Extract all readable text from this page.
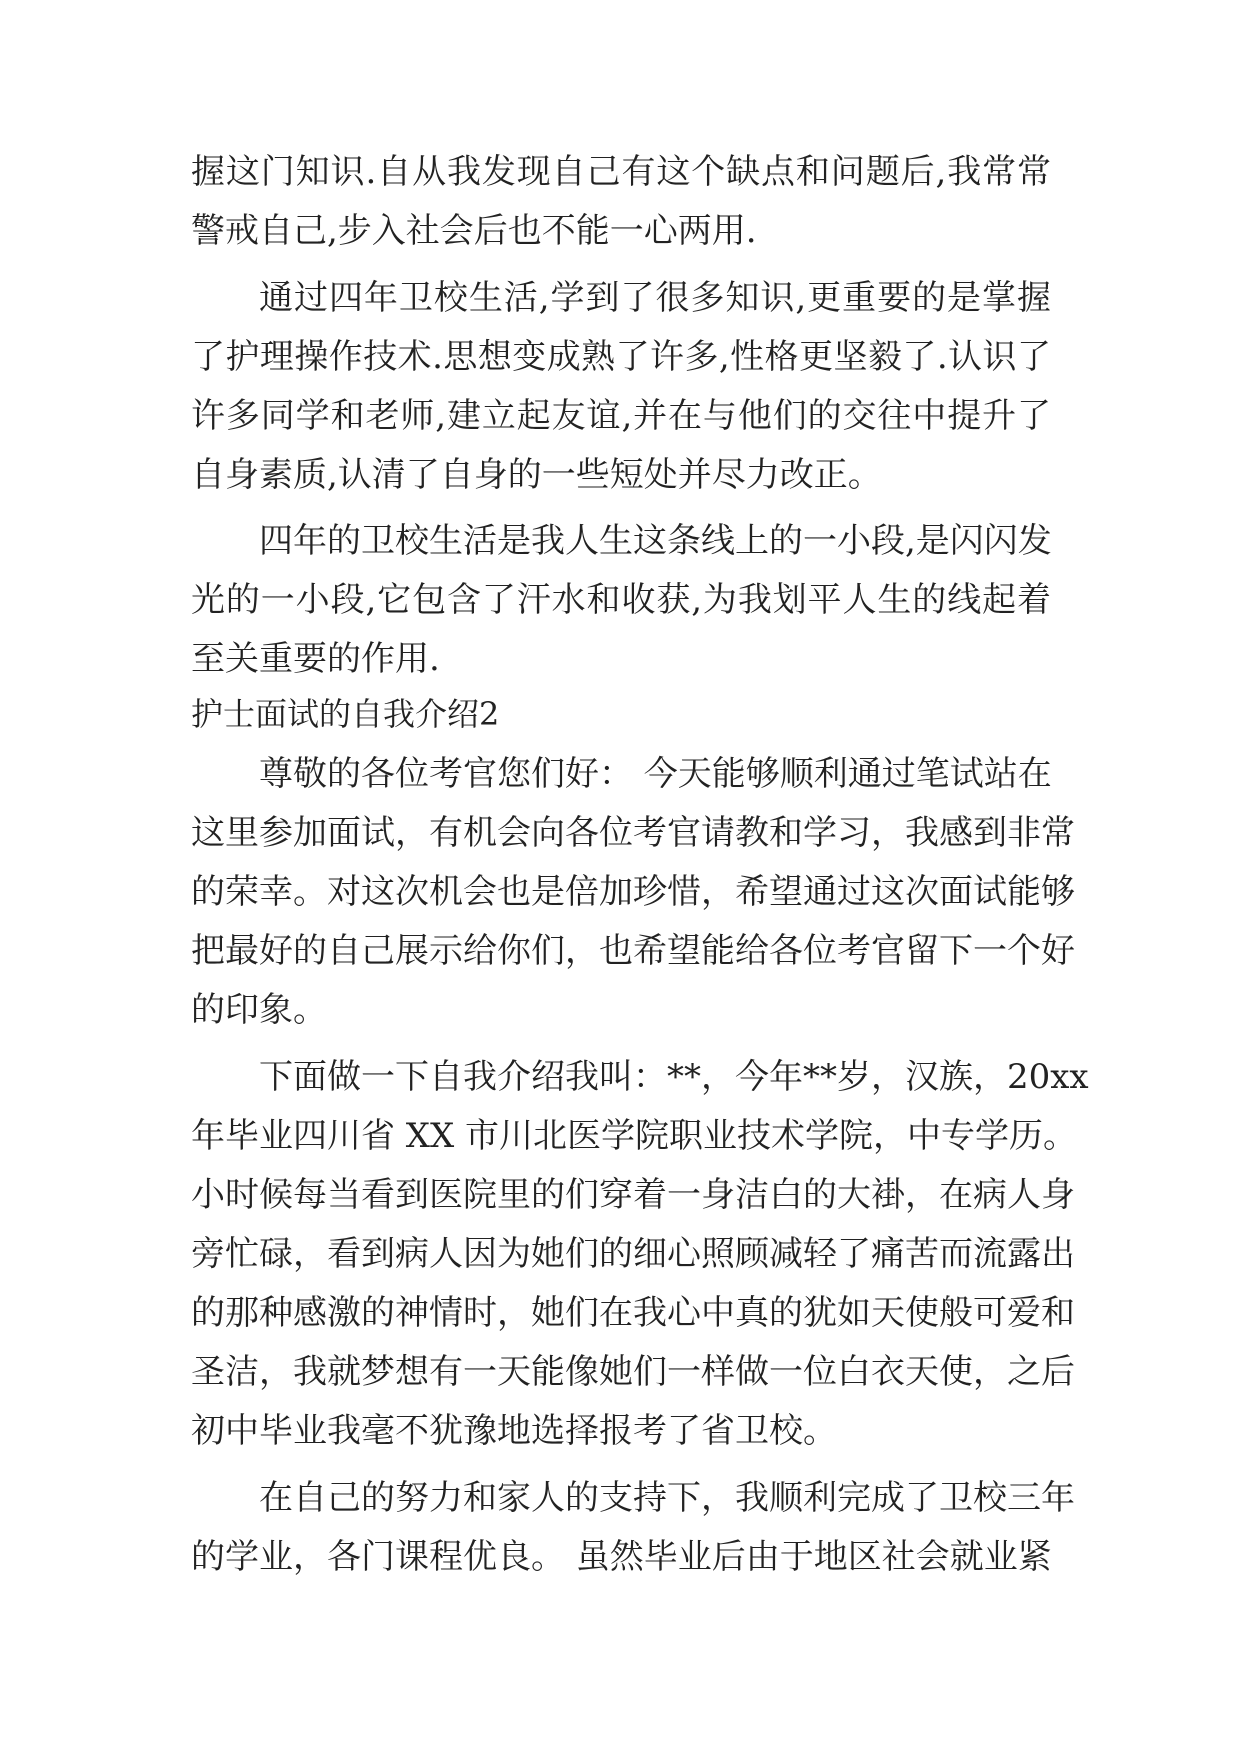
握这门知识.自从我发现自己有这个缺点和问题后,我常常
警戒自己,步入社会后也不能一心两用.
通过四年卫校生活,学到了很多知识,更重要的是掌握
了护理操作技术.思想变成熟了许多,性格更坚毅了.认识了
许多同学和老师,建立起友谊,并在与他们的交往中提升了
自身素质,认清了自身的一些短处并尽力改正。
四年的卫校生活是我人生这条线上的一小段,是闪闪发
光的一小段,它包含了汗水和收获,为我划平人生的线起着
至关重要的作用.
护士面试的自我介绍2
尊敬的各位考官您们好： 今天能够顺利通过笔试站在
这里参加面试，有机会向各位考官请教和学习，我感到非常
的荣幸。对这次机会也是倍加珍惜，希望通过这次面试能够
把最好的自己展示给你们，也希望能给各位考官留下一个好
的印象。
下面做一下自我介绍我叫：**，今年**岁，汉族，20xx
年毕业四川省 XX 市川北医学院职业技术学院，中专学历。
小时候每当看到医院里的们穿着一身洁白的大褂，在病人身
旁忙碌，看到病人因为她们的细心照顾减轻了痛苦而流露出
的那种感激的神情时，她们在我心中真的犹如天使般可爱和
圣洁，我就梦想有一天能像她们一样做一位白衣天使，之后
初中毕业我毫不犹豫地选择报考了省卫校。
在自己的努力和家人的支持下，我顺利完成了卫校三年
的学业，各门课程优良。 虽然毕业后由于地区社会就业紧
